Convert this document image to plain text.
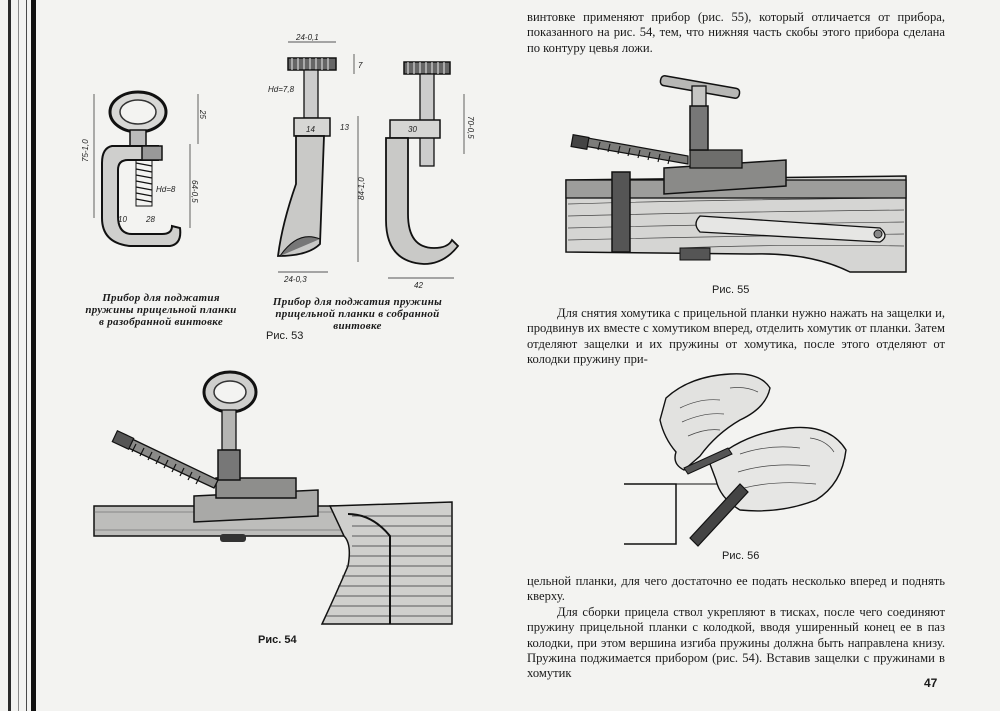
75-1,0
25
64-0,5
Hd=8
10 28
24-0,1
7
Hd=7,8
14	13	30
84-1,0
70-0,5
24-0,3
42
Прибор для поджатия пружины прицельной планки в разобранной винтовке
Прибор для поджатия пружины прицельной планки в собранной винтовке
Рис. 53
Рис. 54
винтовке применяют прибор (рис. 55), который отличается от прибора, показанного на рис. 54, тем, что нижняя часть скобы этого прибора сделана по контуру цевья ложи.
Рис. 55
Для снятия хомутика с прицельной планки нужно нажать на защелки и, продвинув их вместе с хомутиком вперед, отделить хомутик от планки. Затем отделяют защелки и их пружины от хомутика, после этого отделяют от колодки пружину при-
Рис. 56
цельной планки, для чего достаточно ее подать несколько вперед и поднять кверху.
Для сборки прицела ствол укрепляют в тисках, после чего соединяют пружину прицельной планки с колодкой, вводя уширенный конец ее в паз колодки, при этом вершина изгиба пружины должна быть направлена книзу. Пружина поджимается прибором (рис. 54). Вставив защелки с пружинами в хомутик
47
